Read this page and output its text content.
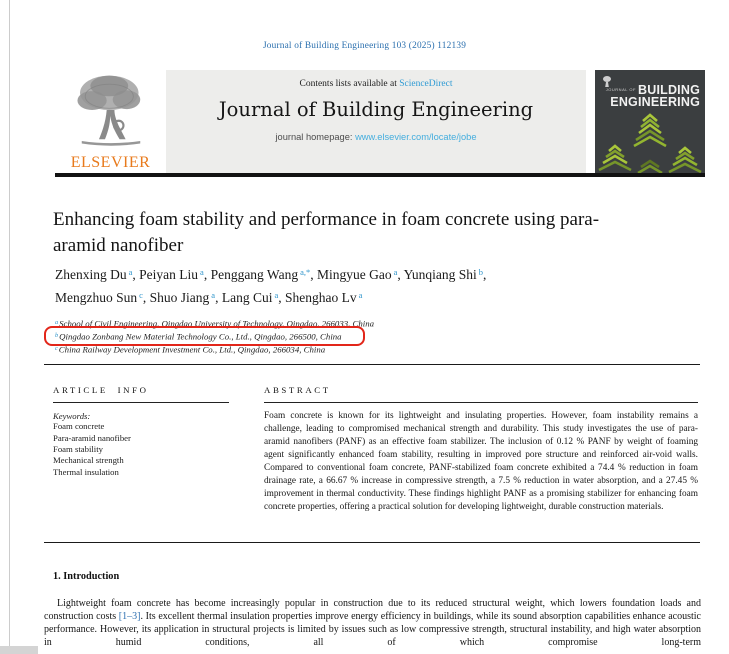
Journal of Building Engineering 103 (2025) 112139
ELSEVIER
Contents lists available at ScienceDirect
Journal of Building Engineering
journal homepage: www.elsevier.com/locate/jobe
$^{JOURNAL OF}$ BUILDING
ENGINEERING
Enhancing foam stability and performance in foam concrete using para-aramid nanofiber
Zhenxing Du $^a$, Peiyan Liu $^a$, Penggang Wang $^{a,*}$, Mingyue Gao $^a$, Yunqiang Shi $^b$,
Mengzhuo Sun $^c$, Shuo Jiang $^a$, Lang Cui $^a$, Shenghao Lv $^a$
$^a$School of Civil Engineering, Qingdao University of Technology, Qingdao, 266033, China
$^b$Qingdao Zonbang New Material Technology Co., Ltd., Qingdao, 266500, China
$^c$China Railway Development Investment Co., Ltd., Qingdao, 266034, China
ARTICLE INFO
Keywords:
Foam concrete
Para-aramid nanofiber
Foam stability
Mechanical strength
Thermal insulation
ABSTRACT

Foam concrete is known for its lightweight and insulating properties. However, foam instability remains a challenge, leading to compromised mechanical strength and durability. This study investigates the use of para-aramid nanofibers (PANF) as an effective foam stabilizer. The inclusion of 0.12 % PANF by weight of foaming agent significantly enhanced foam stability, resulting in improved pore structure and reinforced air-void walls. Compared to conventional foam concrete, PANF-stabilized foam concrete exhibited a 74.4 % reduction in foam drainage rate, a 66.67 % increase in compressive strength, a 7.5 % reduction in water absorption, and a 27.45 % improvement in thermal conductivity. These findings highlight PANF as a promising stabilizer for enhancing foam concrete properties, offering a practical solution for developing lightweight, durable construction materials.

1. Introduction

Lightweight foam concrete has become increasingly popular in construction due to its reduced structural weight, which lowers foundation loads and construction costs [1–3]. Its excellent thermal insulation properties improve energy efficiency in buildings, while its sound absorption capabilities enhance acoustic performance. However, its application in structural projects is limited by issues such as low compressive strength, structural instability, and high water absorption in humid conditions, all of which compromise long-term
